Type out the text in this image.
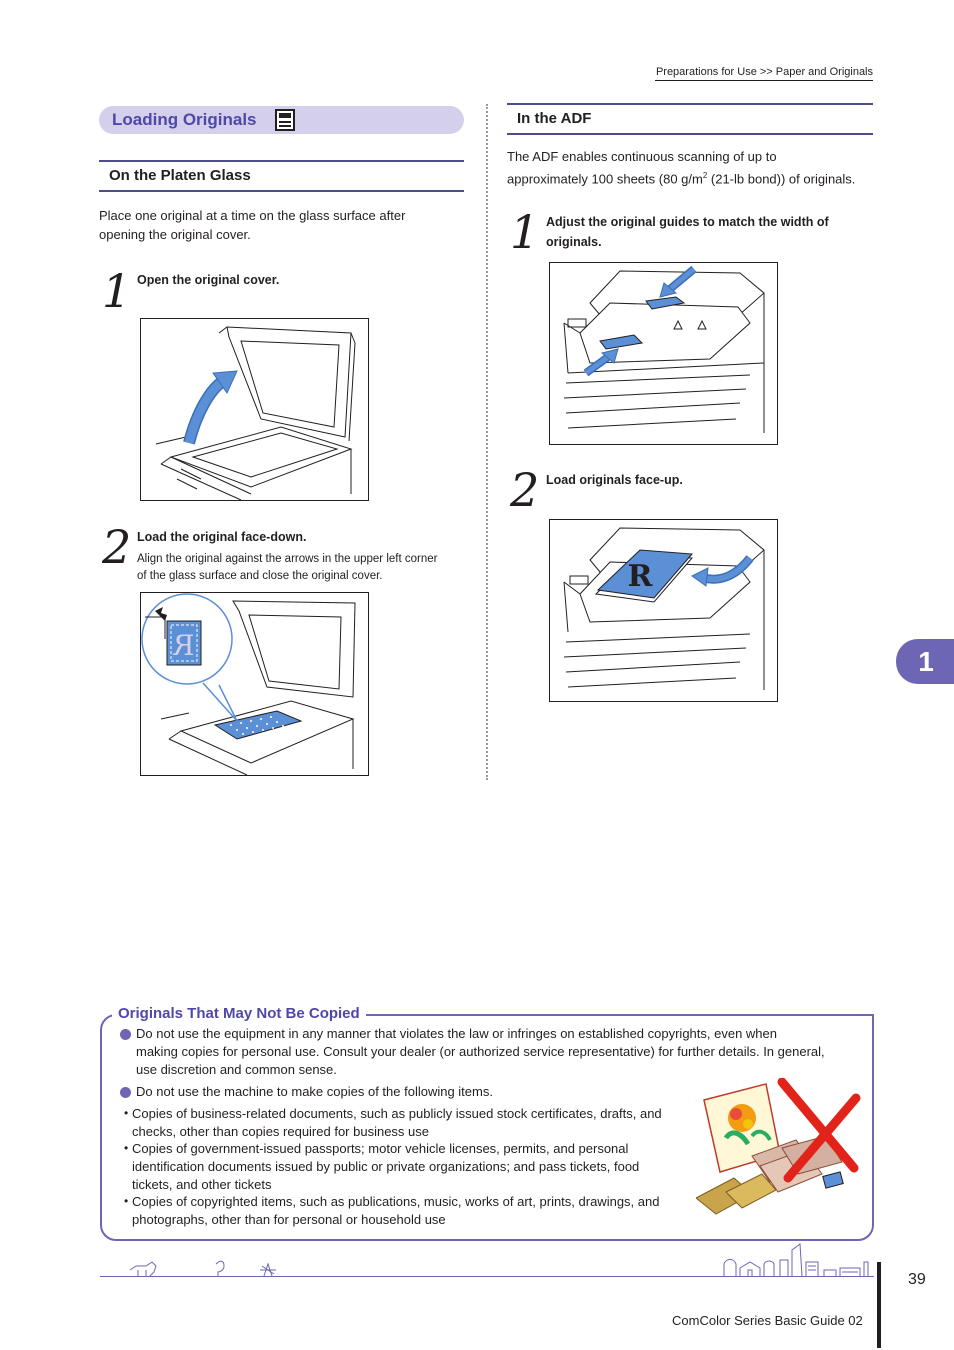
Preparations for Use >> Paper and Originals
Loading Originals
On the Platen Glass
Place one original at a time on the glass surface after
opening the original cover.
1 Open the original cover.
2 Load the original face-down.
Align the original against the arrows in the upper left corner
of the glass surface and close the original cover.
R
In the ADF
The ADF enables continuous scanning of up to
approximately 100 sheets (80 $g/m^2$ (21-lb bond)) of originals.
1 Adjust the original guides to match the width of
originals.
2 Load originals face-up.
R
1
Originals That May Not Be Copied
Do not use the equipment in any manner that violates the law or infringes on established copyrights, even when
making copies for personal use. Consult your dealer (or authorized service representative) for further details. In general,
use discretion and common sense.
Do not use the machine to make copies of the following items.
• Copies of business-related documents, such as publicly issued stock certificates, drafts, and
checks, other than copies required for business use
• Copies of government-issued passports; motor vehicle licenses, permits, and personal
identification documents issued by public or private organizations; and pass tickets, food
tickets, and other tickets
• Copies of copyrighted items, such as publications, music, works of art, prints, drawings, and
photographs, other than for personal or household use
39
ComColor Series Basic Guide 02
